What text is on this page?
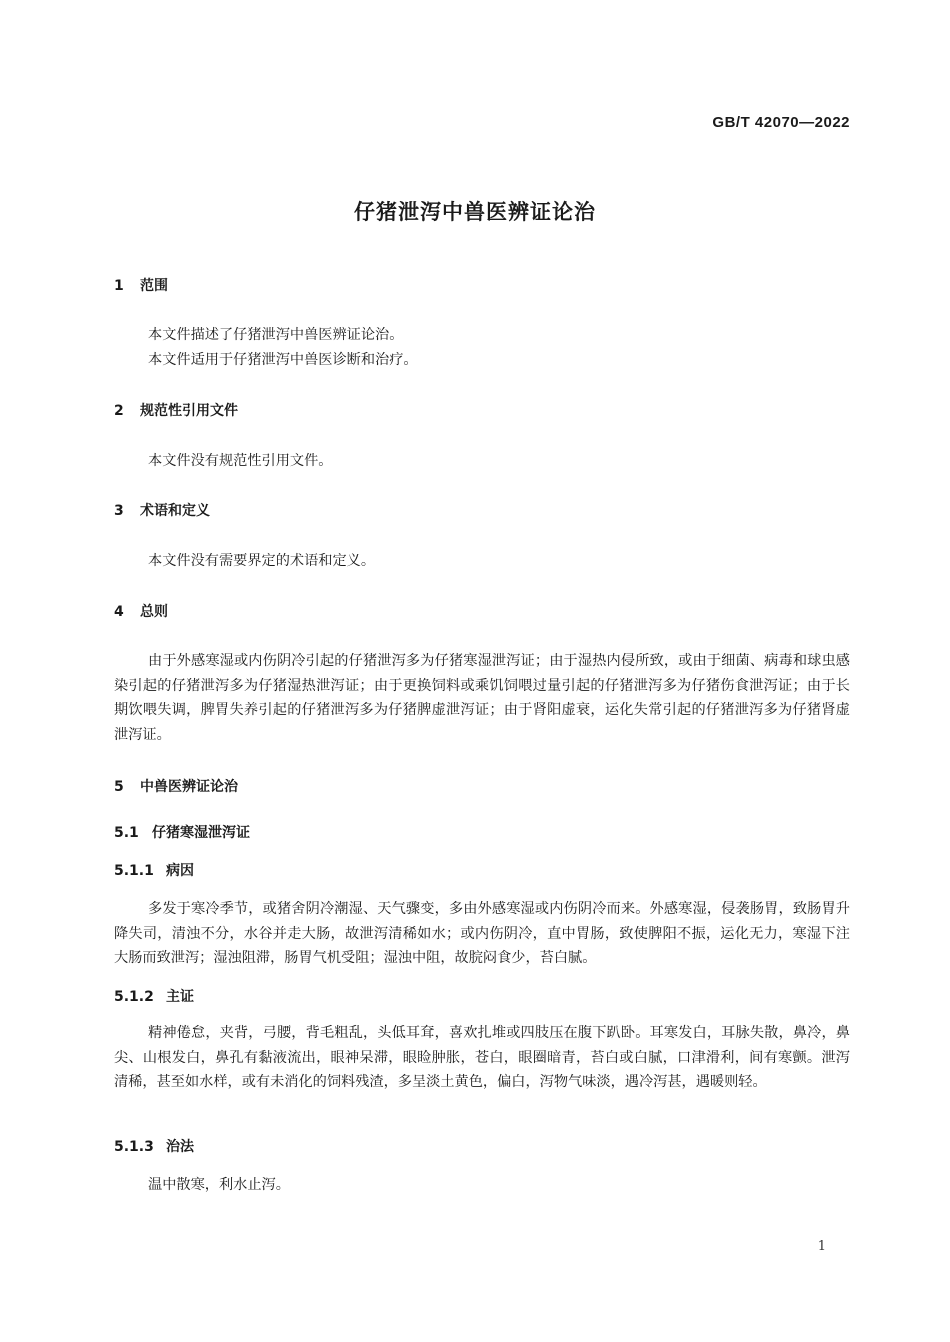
GB/T 42070—2022
仔猪泄泻中兽医辨证论治
1 范围

本文件描述了仔猪泄泻中兽医辨证论治。

本文件适用于仔猪泄泻中兽医诊断和治疗。

2 规范性引用文件

本文件没有规范性引用文件。

3 术语和定义

本文件没有需要界定的术语和定义。

4 总则

由于外感寒湿或内伤阴冷引起的仔猪泄泻多为仔猪寒湿泄泻证；由于湿热内侵所致，或由于细菌、病毒和球虫感染引起的仔猪泄泻多为仔猪湿热泄泻证；由于更换饲料或乘饥饲喂过量引起的仔猪泄泻多为仔猪伤食泄泻证；由于长期饮喂失调，脾胃失养引起的仔猪泄泻多为仔猪脾虚泄泻证；由于肾阳虚衰，运化失常引起的仔猪泄泻多为仔猪肾虚泄泻证。

5 中兽医辨证论治
5.1 仔猪寒湿泄泻证
5.1.1 病因

多发于寒冷季节，或猪舍阴冷潮湿、天气骤变，多由外感寒湿或内伤阴冷而来。外感寒湿，侵袭肠胃，致肠胃升降失司，清浊不分，水谷并走大肠，故泄泻清稀如水；或内伤阴冷，直中胃肠，致使脾阳不振，运化无力，寒湿下注大肠而致泄泻；湿浊阻滞，肠胃气机受阻；湿浊中阻，故脘闷食少，苔白腻。

5.1.2 主证

精神倦怠，夹背，弓腰，背毛粗乱，头低耳耷，喜欢扎堆或四肢压在腹下趴卧。耳寒发白，耳脉失散，鼻冷，鼻尖、山根发白，鼻孔有黏液流出，眼神呆滞，眼睑肿胀，苍白，眼圈暗青，苔白或白腻，口津滑利，间有寒颤。泄泻清稀，甚至如水样，或有未消化的饲料残渣，多呈淡土黄色，偏白，泻物气味淡，遇冷泻甚，遇暖则轻。

5.1.3 治法

温中散寒，利水止泻。

1
